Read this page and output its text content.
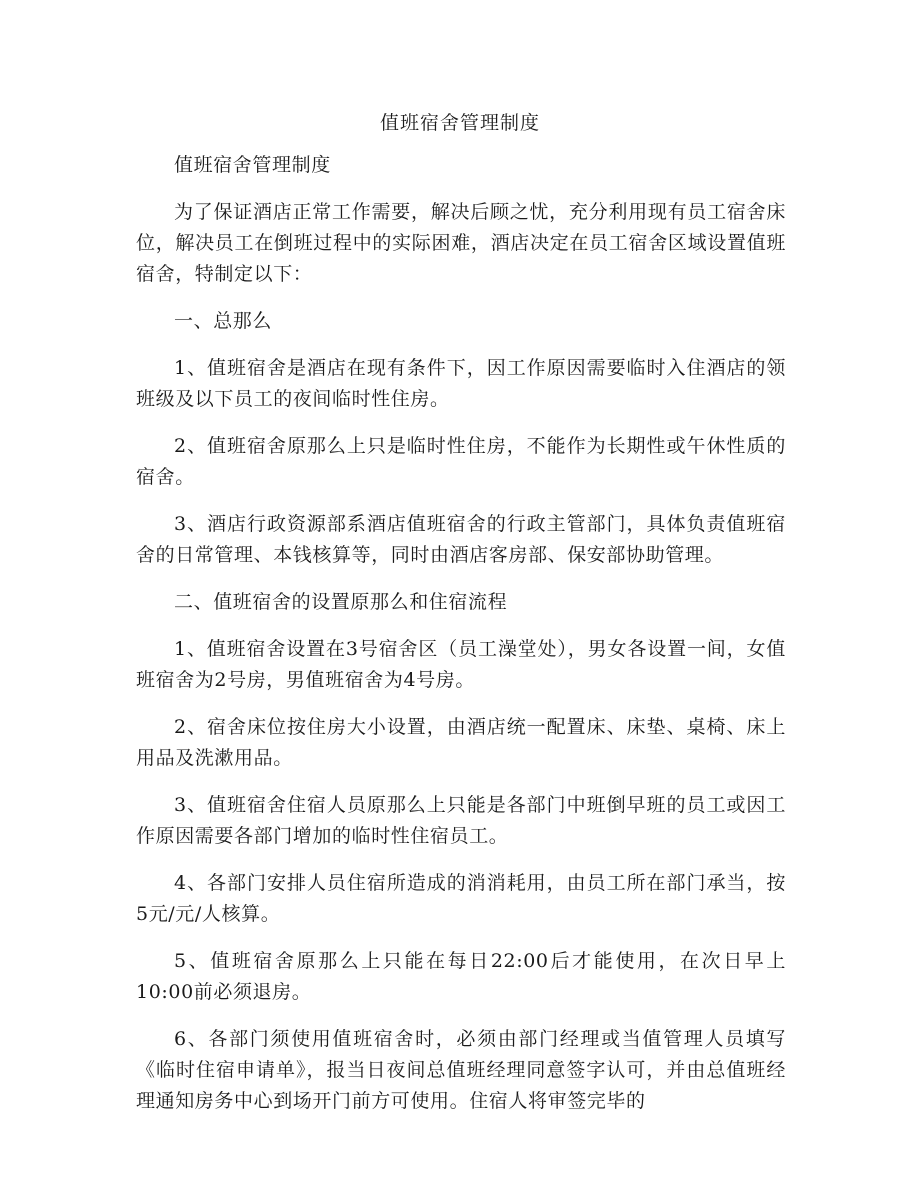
值班宿舍管理制度

值班宿舍管理制度

为了保证酒店正常工作需要，解决后顾之忧，充分利用现有员工宿舍床位，解决员工在倒班过程中的实际困难，酒店决定在员工宿舍区域设置值班宿舍，特制定以下：

一、总那么

1、值班宿舍是酒店在现有条件下，因工作原因需要临时入住酒店的领班级及以下员工的夜间临时性住房。

2、值班宿舍原那么上只是临时性住房，不能作为长期性或午休性质的宿舍。

3、酒店行政资源部系酒店值班宿舍的行政主管部门，具体负责值班宿舍的日常管理、本钱核算等，同时由酒店客房部、保安部协助管理。

二、值班宿舍的设置原那么和住宿流程

1、值班宿舍设置在3号宿舍区（员工澡堂处），男女各设置一间，女值班宿舍为2号房，男值班宿舍为4号房。

2、宿舍床位按住房大小设置，由酒店统一配置床、床垫、桌椅、床上用品及洗漱用品。

3、值班宿舍住宿人员原那么上只能是各部门中班倒早班的员工或因工作原因需要各部门增加的临时性住宿员工。

4、各部门安排人员住宿所造成的消消耗用，由员工所在部门承当，按5元/元/人核算。

5、值班宿舍原那么上只能在每日22:00后才能使用，在次日早上10:00前必须退房。

6、各部门须使用值班宿舍时，必须由部门经理或当值管理人员填写《临时住宿申请单》，报当日夜间总值班经理同意签字认可，并由总值班经理通知房务中心到场开门前方可使用。住宿人将审签完毕的
